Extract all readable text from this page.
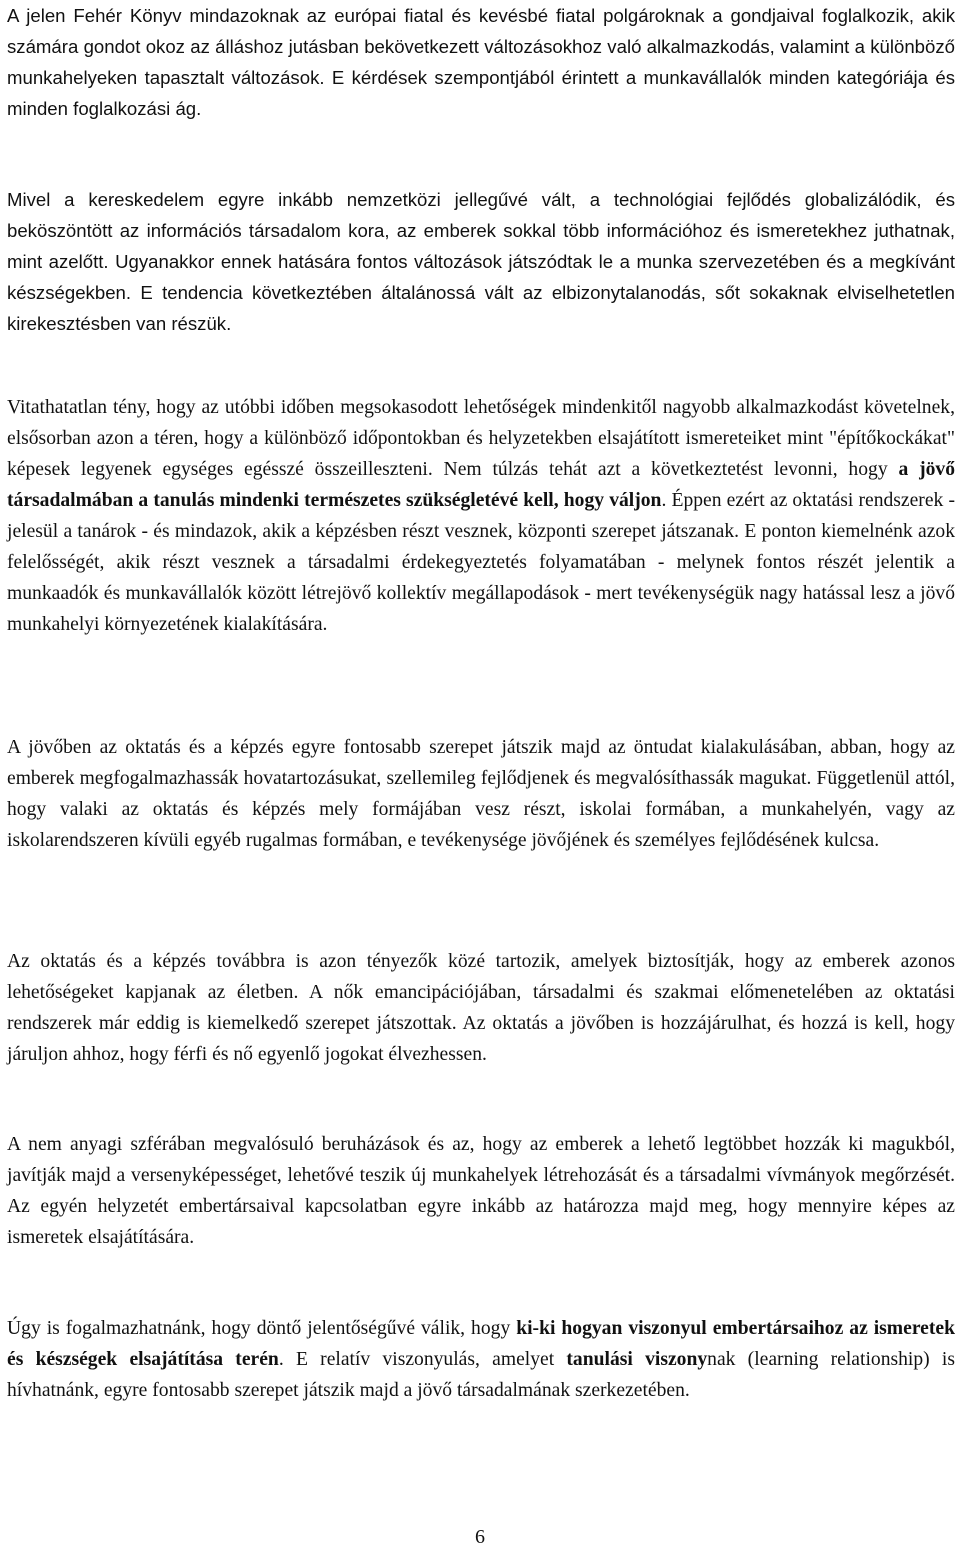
A jelen Fehér Könyv mindazoknak az európai fiatal és kevésbé fiatal polgároknak a gondjaival foglalkozik, akik számára gondot okoz az álláshoz jutásban bekövetkezett változásokhoz való alkalmazkodás, valamint a különböző munkahelyeken tapasztalt változások. E kérdések szempontjából érintett a munkavállalók minden kategóriája és minden foglalkozási ág.

Mivel a kereskedelem egyre inkább nemzetközi jellegűvé vált, a technológiai fejlődés globalizálódik, és beköszöntött az információs társadalom kora, az emberek sokkal több információhoz és ismeretekhez juthatnak, mint azelőtt. Ugyanakkor ennek hatására fontos változások játszódtak le a munka szervezetében és a megkívánt készségekben. E tendencia következtében általánossá vált az elbizonytalanodás, sőt sokaknak elviselhetetlen kirekesztésben van részük.

Vitathatatlan tény, hogy az utóbbi időben megsokasodott lehetőségek mindenkitől nagyobb alkalmazkodást követelnek, elsősorban azon a téren, hogy a különböző időpontokban és helyzetekben elsajátított ismereteiket mint "építőkockákat" képesek legyenek egységes egésszé összeilleszteni. Nem túlzás tehát azt a következtetést levonni, hogy a jövő társadalmában a tanulás mindenki természetes szükségletévé kell, hogy váljon. Éppen ezért az oktatási rendszerek - jelesül a tanárok - és mindazok, akik a képzésben részt vesznek, központi szerepet játszanak. E ponton kiemelnénk azok felelősségét, akik részt vesznek a társadalmi érdekegyeztetés folyamatában - melynek fontos részét jelentik a munkaadók és munkavállalók között létrejövő kollektív megállapodások - mert tevékenységük nagy hatással lesz a jövő munkahelyi környezetének kialakítására.

A jövőben az oktatás és a képzés egyre fontosabb szerepet játszik majd az öntudat kialakulásában, abban, hogy az emberek megfogalmazhassák hovatartozásukat, szellemileg fejlődjenek és megvalósíthassák magukat. Függetlenül attól, hogy valaki az oktatás és képzés mely formájában vesz részt, iskolai formában, a munkahelyén, vagy az iskolarendszeren kívüli egyéb rugalmas formában, e tevékenysége jövőjének és személyes fejlődésének kulcsa.

Az oktatás és a képzés továbbra is azon tényezők közé tartozik, amelyek biztosítják, hogy az emberek azonos lehetőségeket kapjanak az életben. A nők emancipációjában, társadalmi és szakmai előmenetelében az oktatási rendszerek már eddig is kiemelkedő szerepet játszottak. Az oktatás a jövőben is hozzájárulhat, és hozzá is kell, hogy járuljon ahhoz, hogy férfi és nő egyenlő jogokat élvezhessen.

A nem anyagi szférában megvalósuló beruházások és az, hogy az emberek a lehető legtöbbet hozzák ki magukból, javítják majd a versenyképességet, lehetővé teszik új munkahelyek létrehozását és a társadalmi vívmányok megőrzését. Az egyén helyzetét embertársaival kapcsolatban egyre inkább az határozza majd meg, hogy mennyire képes az ismeretek elsajátítására.

Úgy is fogalmazhatnánk, hogy döntő jelentőségűvé válik, hogy ki-ki hogyan viszonyul embertársaihoz az ismeretek és készségek elsajátítása terén. E relatív viszonyulás, amelyet tanulási viszonynak (learning relationship) is hívhatnánk, egyre fontosabb szerepet játszik majd a jövő társadalmának szerkezetében.

6
